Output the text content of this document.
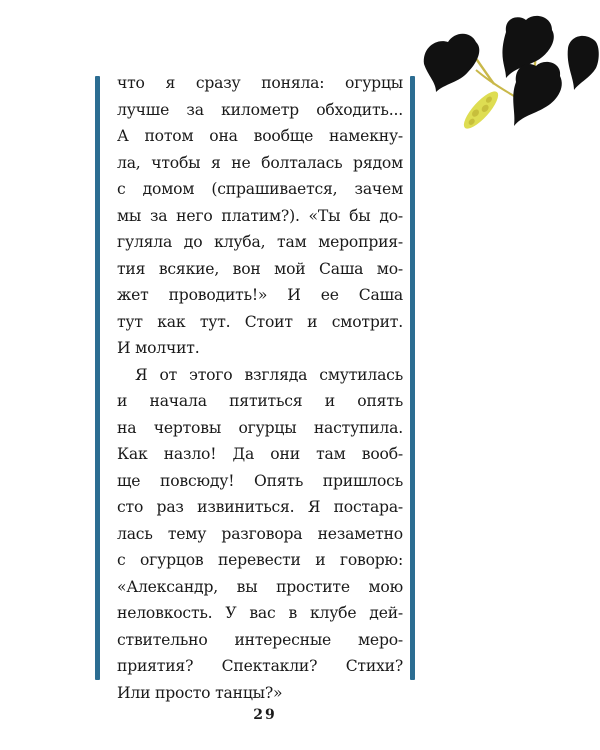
что я сразу поняла: огурцы
лучше за километр обходить...
А потом она вообще намекну-
ла, чтобы я не болталась рядом
с домом (спрашивается, зачем
мы за него платим?). «Ты бы до-
гуляла до клуба, там мероприя-
тия всякие, вон мой Саша мо-
жет проводить!» И ее Саша
тут как тут. Стоит и смотрит.
И молчит.
Я от этого взгляда смутилась
и начала пятиться и опять
на чертовы огурцы наступила.
Как назло! Да они там вооб-
ще повсюду! Опять пришлось
сто раз извиниться. Я постара-
лась тему разговора незаметно
с огурцов перевести и говорю:
«Александр, вы простите мою
неловкость. У вас в клубе дей-
ствительно интересные меро-
приятия? Спектакли? Стихи?
Или просто танцы?»
29
